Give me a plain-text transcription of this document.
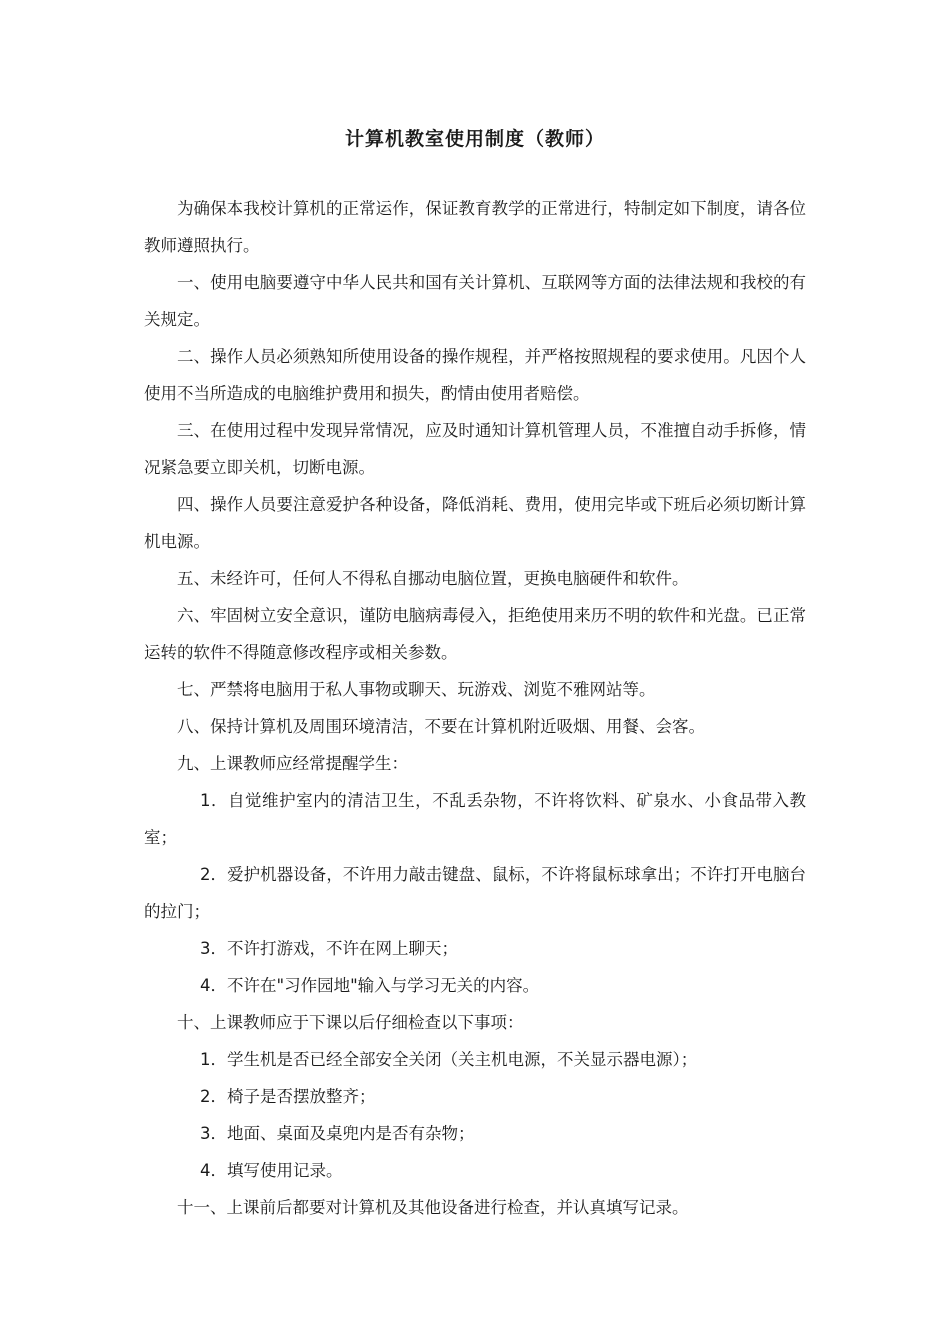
计算机教室使用制度（教师）

为确保本我校计算机的正常运作，保证教育教学的正常进行，特制定如下制度，请各位教师遵照执行。

一、使用电脑要遵守中华人民共和国有关计算机、互联网等方面的法律法规和我校的有关规定。

二、操作人员必须熟知所使用设备的操作规程，并严格按照规程的要求使用。凡因个人使用不当所造成的电脑维护费用和损失，酌情由使用者赔偿。

三、在使用过程中发现异常情况，应及时通知计算机管理人员，不准擅自动手拆修，情况紧急要立即关机，切断电源。

四、操作人员要注意爱护各种设备，降低消耗、费用，使用完毕或下班后必须切断计算机电源。

五、未经许可，任何人不得私自挪动电脑位置，更换电脑硬件和软件。

六、牢固树立安全意识，谨防电脑病毒侵入，拒绝使用来历不明的软件和光盘。已正常运转的软件不得随意修改程序或相关参数。

七、严禁将电脑用于私人事物或聊天、玩游戏、浏览不雅网站等。

八、保持计算机及周围环境清洁，不要在计算机附近吸烟、用餐、会客。

九、上课教师应经常提醒学生：

1．自觉维护室内的清洁卫生，不乱丢杂物，不许将饮料、矿泉水、小食品带入教室；

2．爱护机器设备，不许用力敲击键盘、鼠标，不许将鼠标球拿出；不许打开电脑台的拉门；

3．不许打游戏，不许在网上聊天；

4．不许在"习作园地"输入与学习无关的内容。

十、上课教师应于下课以后仔细检查以下事项：

1．学生机是否已经全部安全关闭（关主机电源，不关显示器电源）；

2．椅子是否摆放整齐；

3．地面、桌面及桌兜内是否有杂物；

4．填写使用记录。

十一、上课前后都要对计算机及其他设备进行检查，并认真填写记录。
